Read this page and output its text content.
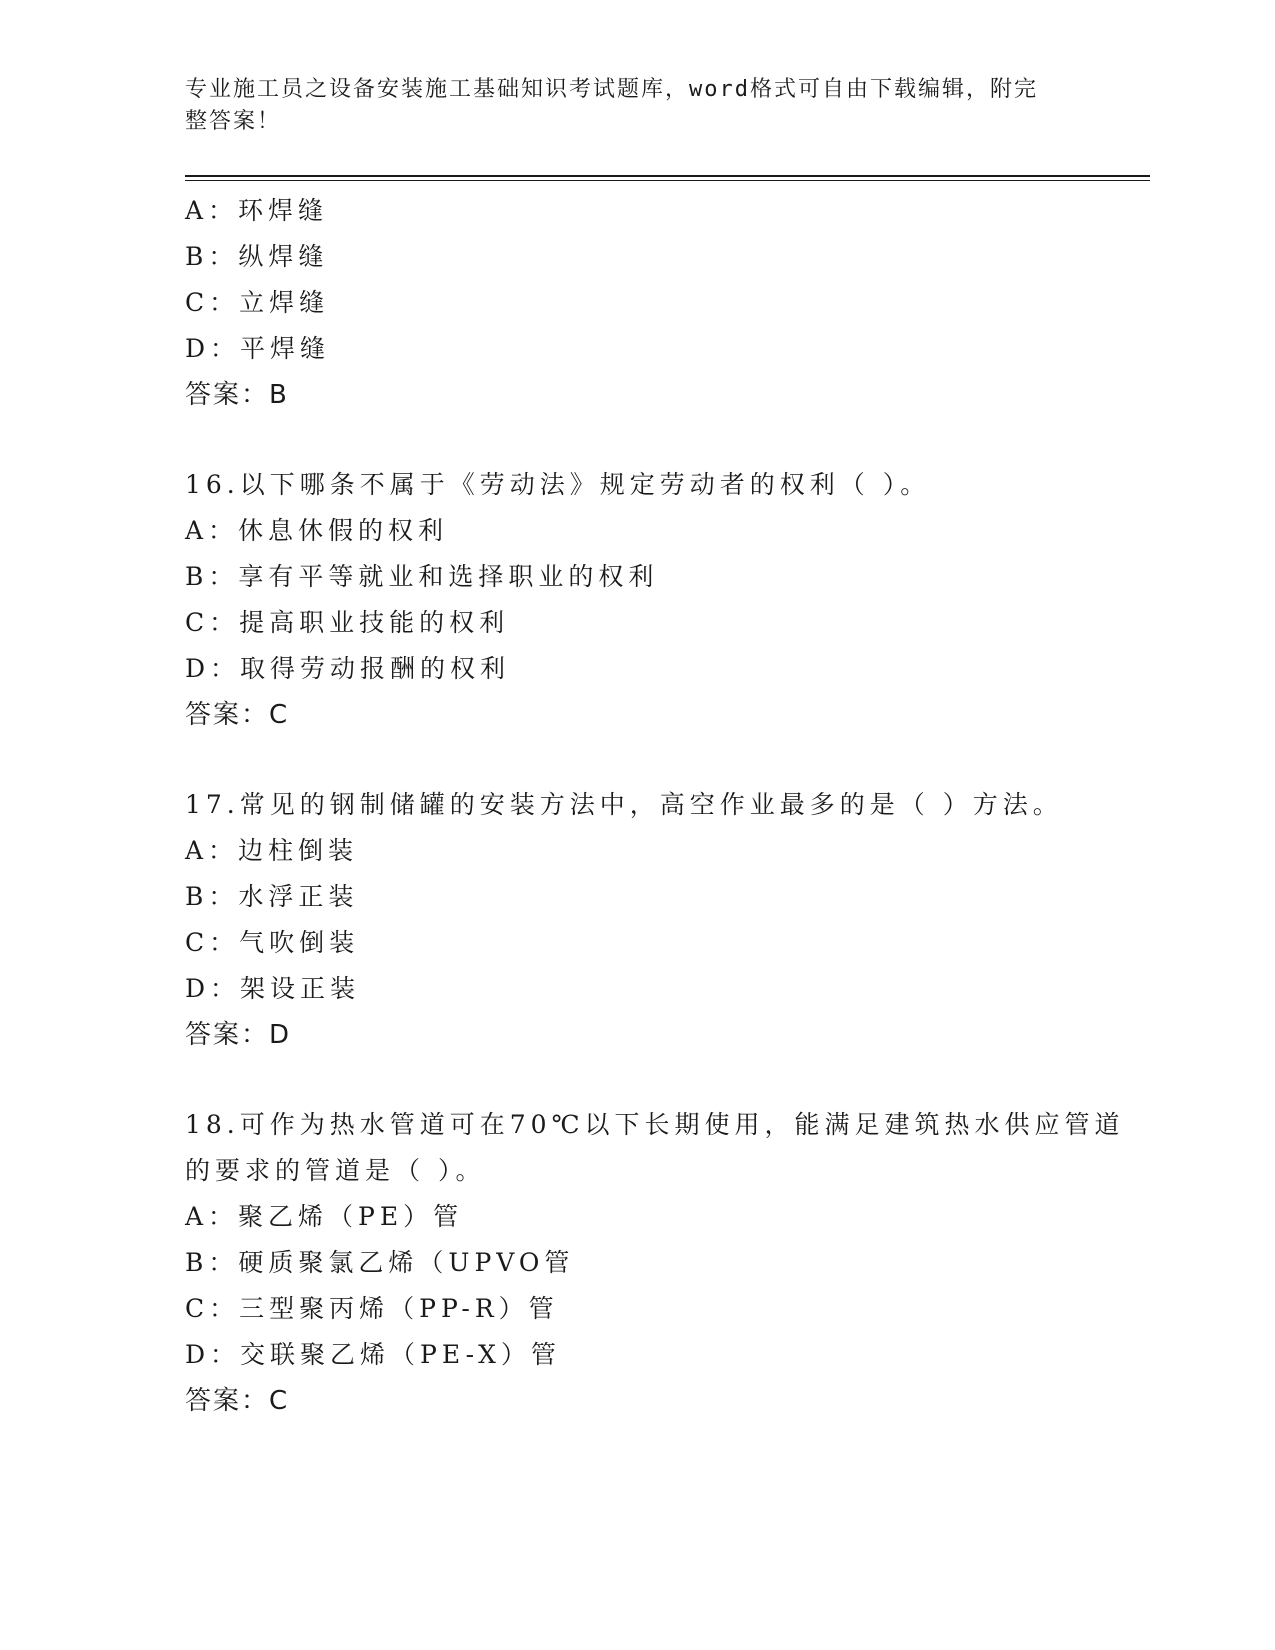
专业施工员之设备安装施工基础知识考试题库，word格式可自由下载编辑，附完
整答案！
A：环焊缝
B：纵焊缝
C：立焊缝
D：平焊缝
答案：B
16.以下哪条不属于《劳动法》规定劳动者的权利（ ）。
A：休息休假的权利
B：享有平等就业和选择职业的权利
C：提高职业技能的权利
D：取得劳动报酬的权利
答案：C
17.常见的钢制储罐的安装方法中，高空作业最多的是（ ）方法。
A：边柱倒装
B：水浮正装
C：气吹倒装
D：架设正装
答案：D
18.可作为热水管道可在70℃以下长期使用，能满足建筑热水供应管道
的要求的管道是（ ）。
A：聚乙烯（PE）管
B：硬质聚氯乙烯（UPVO管
C：三型聚丙烯（PP-R）管
D：交联聚乙烯（PE-X）管
答案：C
